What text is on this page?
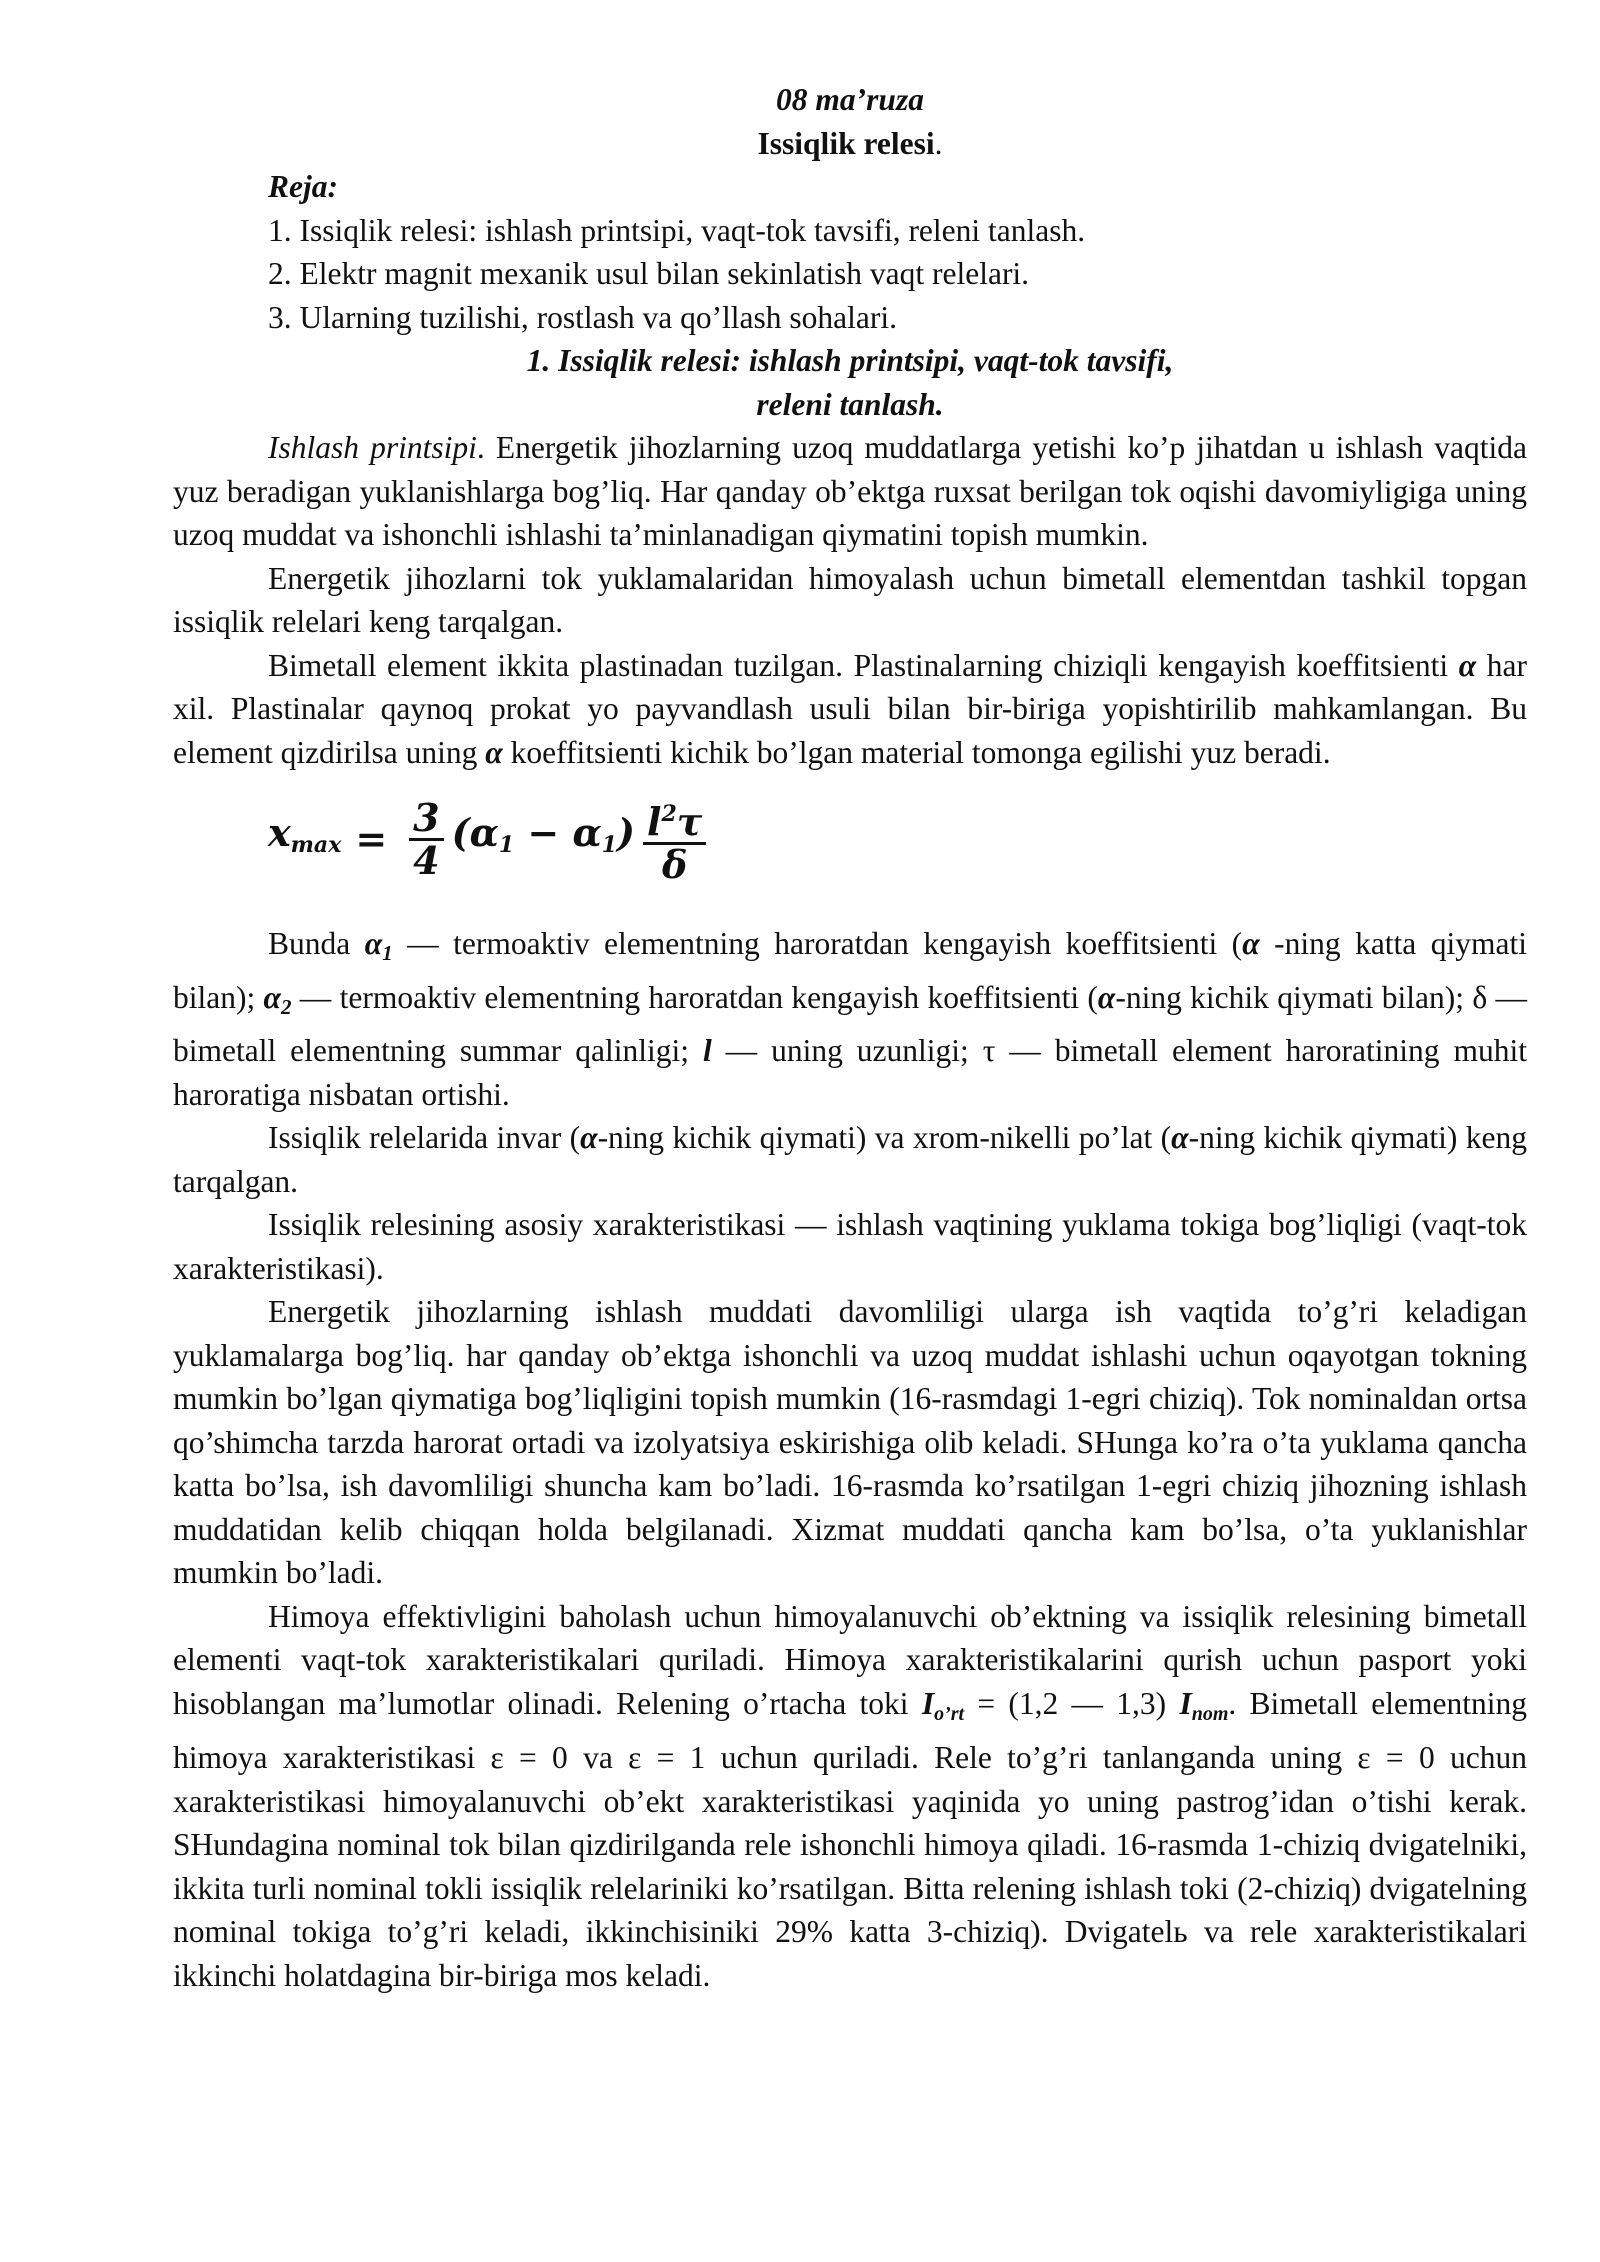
08 ma’ruza
Issiqlik relesi.
Reja:
1. Issiqlik relesi: ishlash printsipi, vaqt-tok tavsifi, releni tanlash.
2. Elektr magnit mexanik usul bilan sekinlatish vaqt relelari.
3. Ularning tuzilishi, rostlash va qo’llash sohalari.
1. Issiqlik relesi: ishlash printsipi, vaqt-tok tavsifi,
releni tanlash.

Ishlash printsipi. Energetik jihozlarning uzoq muddatlarga yetishi ko’p jihatdan u ishlash vaqtida yuz beradigan yuklanishlarga bog’liq. Har qanday ob’ektga ruxsat berilgan tok oqishi davomiyligiga uning uzoq muddat va ishonchli ishlashi ta’minlanadigan qiymatini topish mumkin.

Energetik jihozlarni tok yuklamalaridan himoyalash uchun bimetall elementdan tashkil topgan issiqlik relelari keng tarqalgan.

Bimetall element ikkita plastinadan tuzilgan. Plastinalarning chiziqli kengayish koeffitsienti α har xil. Plastinalar qaynoq prokat yo payvandlash usuli bilan bir-biriga yopishtirilib mahkamlangan. Bu element qizdirilsa uning α koeffitsienti kichik bo’lgan material tomonga egilishi yuz beradi.

$x_{max} = \frac{3}{4} (\alpha_1 - \alpha_1) \frac{l^2\tau}{\delta}$

Bunda $\alpha_1$ — termoaktiv elementning haroratdan kengayish koeffitsienti (α -ning katta qiymati bilan); $\alpha_2$ — termoaktiv elementning haroratdan kengayish koeffitsienti (α-ning kichik qiymati bilan); δ — bimetall elementning summar qalinligi; l — uning uzunligi; τ — bimetall element haroratining muhit haroratiga nisbatan ortishi.

Issiqlik relelarida invar (α-ning kichik qiymati) va xrom-nikelli po’lat (α-ning kichik qiymati) keng tarqalgan.

Issiqlik relesining asosiy xarakteristikasi — ishlash vaqtining yuklama tokiga bog’liqligi (vaqt-tok xarakteristikasi).

Energetik jihozlarning ishlash muddati davomliligi ularga ish vaqtida to’g’ri keladigan yuklamalarga bog’liq. har qanday ob’ektga ishonchli va uzoq muddat ishlashi uchun oqayotgan tokning mumkin bo’lgan qiymatiga bog’liqligini topish mumkin (16-rasmdagi 1-egri chiziq). Tok nominaldan ortsa qo’shimcha tarzda harorat ortadi va izolyatsiya eskirishiga olib keladi. SHunga ko’ra o’ta yuklama qancha katta bo’lsa, ish davomliligi shuncha kam bo’ladi. 16-rasmda ko’rsatilgan 1-egri chiziq jihozning ishlash muddatidan kelib chiqqan holda belgilanadi. Xizmat muddati qancha kam bo’lsa, o’ta yuklanishlar mumkin bo’ladi.

Himoya effektivligini baholash uchun himoyalanuvchi ob’ektning va issiqlik relesining bimetall elementi vaqt-tok xarakteristikalari quriladi. Himoya xarakteristikalarini qurish uchun pasport yoki hisoblangan ma’lumotlar olinadi. Relening o’rtacha toki $I_{o’rt} = (1,2$ — 1,3) $I_{nom}$. Bimetall elementning himoya xarakteristikasi ε = 0 va ε = 1 uchun quriladi. Rele to’g’ri tanlanganda uning ε = 0 uchun xarakteristikasi himoyalanuvchi ob’ekt xarakteristikasi yaqinida yo uning pastrog’idan o’tishi kerak. SHundagina nominal tok bilan qizdirilganda rele ishonchli himoya qiladi. 16-rasmda 1-chiziq dvigatelniki, ikkita turli nominal tokli issiqlik relelariniki ko’rsatilgan. Bitta relening ishlash toki (2-chiziq) dvigatelning nominal tokiga to’g’ri keladi, ikkinchisiniki 29% katta 3-chiziq). Dvigatelь va rele xarakteristikalari ikkinchi holatdagina bir-biriga mos keladi.
